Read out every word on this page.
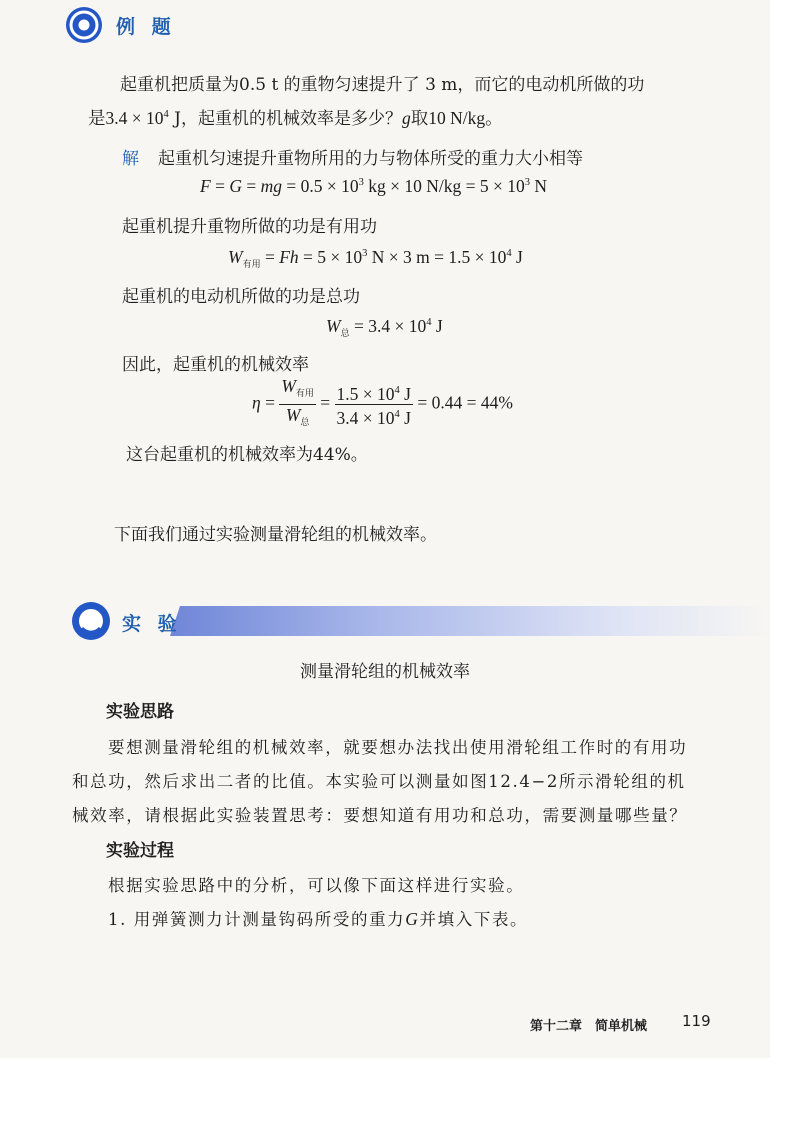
例 题
起重机把质量为0.5 t 的重物匀速提升了 3 m，而它的电动机所做的功
是$3.4 \times 10^4$ J，起重机的机械效率是多少？g取10 N/kg。
解 起重机匀速提升重物所用的力与物体所受的重力大小相等
F = G = mg = $0.5 \times 10^3$ kg × 10 $N/kg = 5 \times 10^3$ N
起重机提升重物所做的功是有用功
$W_{有用} = Fh = 5 \times 10^3$ N × 3 $m = 1.5 \times 10^4$ J
起重机的电动机所做的功是总功
$W_总 = 3.4 \times 10^4$ J
因此，起重机的机械效率
$\eta = \frac{W_{有用}}{W_总} = \frac{1.5 \times 10^4 J}{3.4 \times 10^4 J} = 0.44 = 44\%$
这台起重机的机械效率为44%。
下面我们通过实验测量滑轮组的机械效率。
实 验
测量滑轮组的机械效率
实验思路
要想测量滑轮组的机械效率，就要想办法找出使用滑轮组工作时的有用功
和总功，然后求出二者的比值。本实验可以测量如图12.4−2所示滑轮组的机
械效率，请根据此实验装置思考：要想知道有用功和总功，需要测量哪些量？
实验过程
根据实验思路中的分析，可以像下面这样进行实验。
1. 用弹簧测力计测量钩码所受的重力G并填入下表。
第十二章　简单机械 119
